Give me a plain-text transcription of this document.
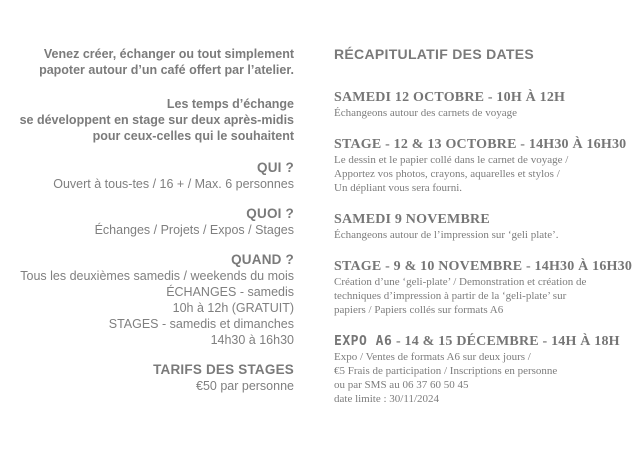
Venez créer, échanger ou tout simplement
papoter autour d’un café offert par l’atelier.
Les temps d’échange
se développent en stage sur deux après-midis
pour ceux-celles qui le souhaitent
QUI ?
Ouvert à tous-tes / 16 + / Max. 6 personnes
QUOI ?
Échanges / Projets / Expos / Stages
QUAND ?
Tous les deuxièmes samedis / weekends du mois
ÉCHANGES - samedis
10h à 12h (GRATUIT)
STAGES - samedis et dimanches
14h30 à 16h30
TARIFS DES STAGES
€50 par personne
RÉCAPITULATIF DES DATES
SAMEDI 12 OCTOBRE - 10H À 12H
Échangeons autour des carnets de voyage
STAGE - 12 & 13 OCTOBRE - 14H30 À 16H30
Le dessin et le papier collé dans le carnet de voyage /
Apportez vos photos, crayons, aquarelles et stylos /
Un dépliant vous sera fourni.
SAMEDI 9 NOVEMBRE
Échangeons autour de l’impression sur ‘geli plate’.
STAGE - 9 & 10 NOVEMBRE - 14H30 À 16H30
Création d’une ‘geli-plate’ / Demonstration et création de
techniques d’impression à partir de la ‘geli-plate’ sur
papiers / Papiers collés sur formats A6
EXPO A6 - 14 & 15 DÉCEMBRE - 14H À 18H
Expo / Ventes de formats A6 sur deux jours /
€5 Frais de participation / Inscriptions en personne
ou par SMS au 06 37 60 50 45
date limite : 30/11/2024
